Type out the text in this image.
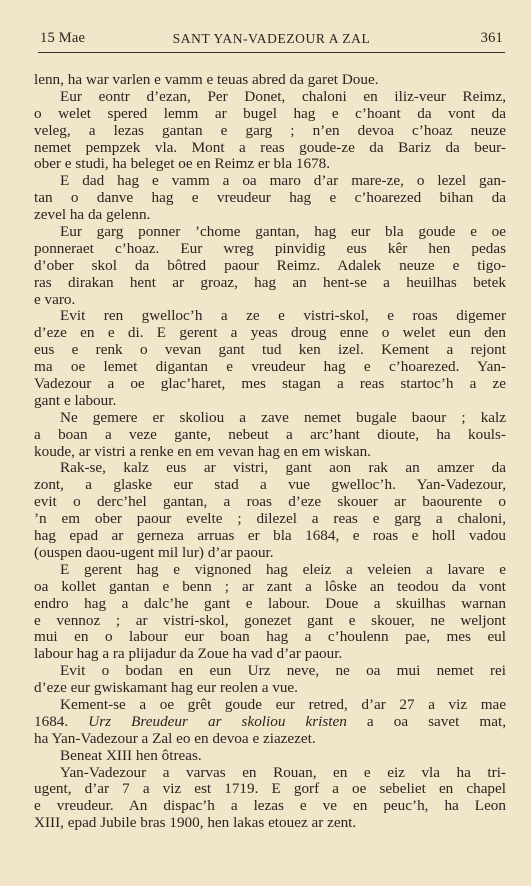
15 Mae	SANT YAN-VADEZOUR A ZAL	361
lenn, ha war varlen e vamm e teuas abred da garet Doue.
Eur eontr d’ezan, Per Donet, chaloni en iliz-veur Reimz,
o welet spered lemm ar bugel hag e c’hoant da vont da
veleg, a lezas gantan e garg ; n’en devoa c’hoaz neuze
nemet pempzek vla. Mont a reas goude-ze da Bariz da beur-
ober e studi, ha beleget oe en Reimz er bla 1678.
E dad hag e vamm a oa maro d’ar mare-ze, o lezel gan-
tan o danve hag e vreudeur hag e c’hoarezed bihan da
zevel ha da gelenn.
Eur garg ponner ’chome gantan, hag eur bla goude e oe
ponneraet c’hoaz. Eur wreg pinvidig eus kêr hen pedas
d’ober skol da bôtred paour Reimz. Adalek neuze e tigo-
ras dirakan hent ar groaz, hag an hent-se a heuilhas betek
e varo.
Evit ren gwelloc’h a ze e vistri-skol, e roas digemer
d’eze en e di. E gerent a yeas droug enne o welet eun den
eus e renk o vevan gant tud ken izel. Kement a rejont
ma oe lemet digantan e vreudeur hag e c’hoarezed. Yan-
Vadezour a oe glac’haret, mes stagan a reas startoc’h a ze
gant e labour.
Ne gemere er skoliou a zave nemet bugale baour ; kalz
a boan a veze gante, nebeut a arc’hant dioute, ha kouls-
koude, ar vistri a renke en em vevan hag en em wiskan.
Rak-se, kalz eus ar vistri, gant aon rak an amzer da
zont, a glaske eur stad a vue gwelloc’h. Yan-Vadezour,
evit o derc’hel gantan, a roas d’eze skouer ar baourente o
’n em ober paour evelte ; dilezel a reas e garg a chaloni,
hag epad ar gerneza arruas er bla 1684, e roas e holl vadou
(ouspen daou-ugent mil lur) d’ar paour.
E gerent hag e vignoned hag eleiz a veleien a lavare e
oa kollet gantan e benn ; ar zant a lôske an teodou da vont
endro hag a dalc’he gant e labour. Doue a skuilhas warnan
e vennoz ; ar vistri-skol, gonezet gant e skouer, ne weljont
mui en o labour eur boan hag a c’houlenn pae, mes eul
labour hag a ra plijadur da Zoue ha vad d’ar paour.
Evit o bodan en eun Urz neve, ne oa mui nemet rei
d’eze eur gwiskamant hag eur reolen a vue.
Kement-se a oe grêt goude eur retred, d’ar 27 a viz mae
1684. Urz Breudeur ar skoliou kristen a oa savet mat,
ha Yan-Vadezour a Zal eo en devoa e ziazezet.
Beneat XIII hen ôtreas.
Yan-Vadezour a varvas en Rouan, en e eiz vla ha tri-
ugent, d’ar 7 a viz est 1719. E gorf a oe sebeliet en chapel
e vreudeur. An dispac’h a lezas e ve en peuc’h, ha Leon
XIII, epad Jubile bras 1900, hen lakas etouez ar zent.
